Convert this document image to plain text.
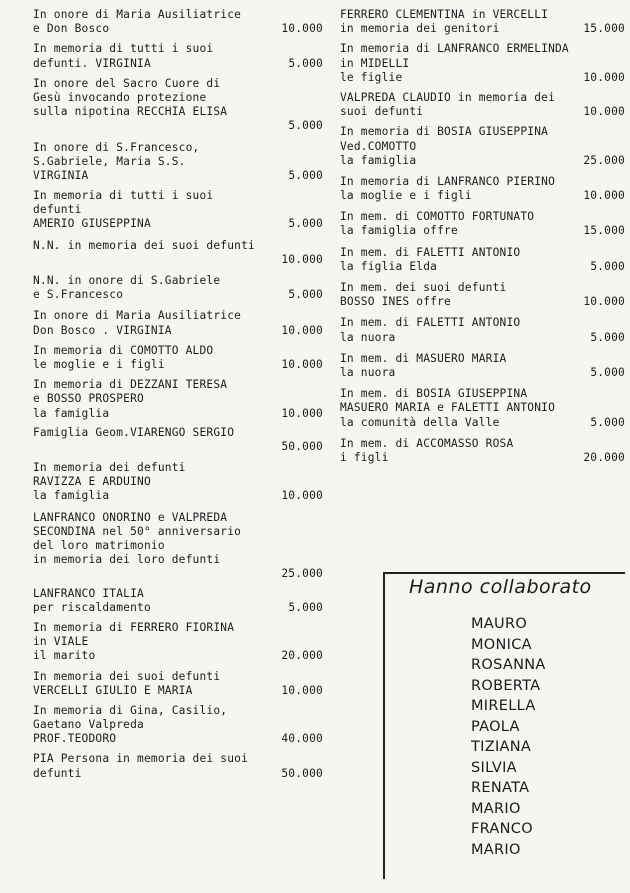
In onore di Maria Ausiliatrice
e Don Bosco	10.000
In memoria di tutti i suoi
defunti. VIRGINIA	5.000
In onore del Sacro Cuore di
Gesù invocando protezione
sulla nipotina RECCHIA ELISA
5.000
In onore di S.Francesco,
S.Gabriele, Maria S.S.
VIRGINIA	5.000
In memoria di tutti i suoi
defunti
AMERIO GIUSEPPINA	5.000
N.N. in memoria dei suoi defunti
10.000
N.N. in onore di S.Gabriele
e S.Francesco	5.000
In onore di Maria Ausiliatrice
Don Bosco . VIRGINIA	10.000
In memoria di COMOTTO ALDO
le moglie e i figli	10.000
In memoria di DEZZANI TERESA
e BOSSO PROSPERO
la famiglia	10.000
Famiglia Geom.VIARENGO SERGIO
50.000
In memoria dei defunti
RAVIZZA E ARDUINO
la famiglia	10.000
LANFRANCO ONORINO e VALPREDA
SECONDINA nel 50° anniversario
del loro matrimonio
in memoria dei loro defunti
25.000
LANFRANCO ITALIA
per riscaldamento	5.000
In memoria di FERRERO FIORINA
in VIALE
il marito	20.000
In memoria dei suoi defunti
VERCELLI GIULIO E MARIA	10.000
In memoria di Gina, Casilio,
Gaetano Valpreda
PROF.TEODORO	40.000
PIA Persona in memoria dei suoi
defunti	50.000
FERRERO CLEMENTINA in VERCELLI
in memoria dei genitori	15.000
In memoria di LANFRANCO ERMELINDA
in MIDELLI
le figlie	10.000
VALPREDA CLAUDIO in memoria dei
suoi defunti	10.000
In memoria di BOSIA GIUSEPPINA
Ved.COMOTTO
la famiglia	25.000
In memoria di LANFRANCO PIERINO
la moglie e i figli	10.000
In mem. di COMOTTO FORTUNATO
la famiglia offre	15.000
In mem. di FALETTI ANTONIO
la figlia Elda	5.000
In mem. dei suoi defunti
BOSSO INES offre	10.000
In mem. di FALETTI ANTONIO
la nuora	5.000
In mem. di MASUERO MARIA
la nuora	5.000
In mem. di BOSIA GIUSEPPINA
MASUERO MARIA e FALETTI ANTONIO
la comunità della Valle	5.000
In mem. di ACCOMASSO ROSA
i figli	20.000
Hanno collaborato
MAURO
MONICA
ROSANNA
ROBERTA
MIRELLA
PAOLA
TIZIANA
SILVIA
RENATA
MARIO
FRANCO
MARIO
